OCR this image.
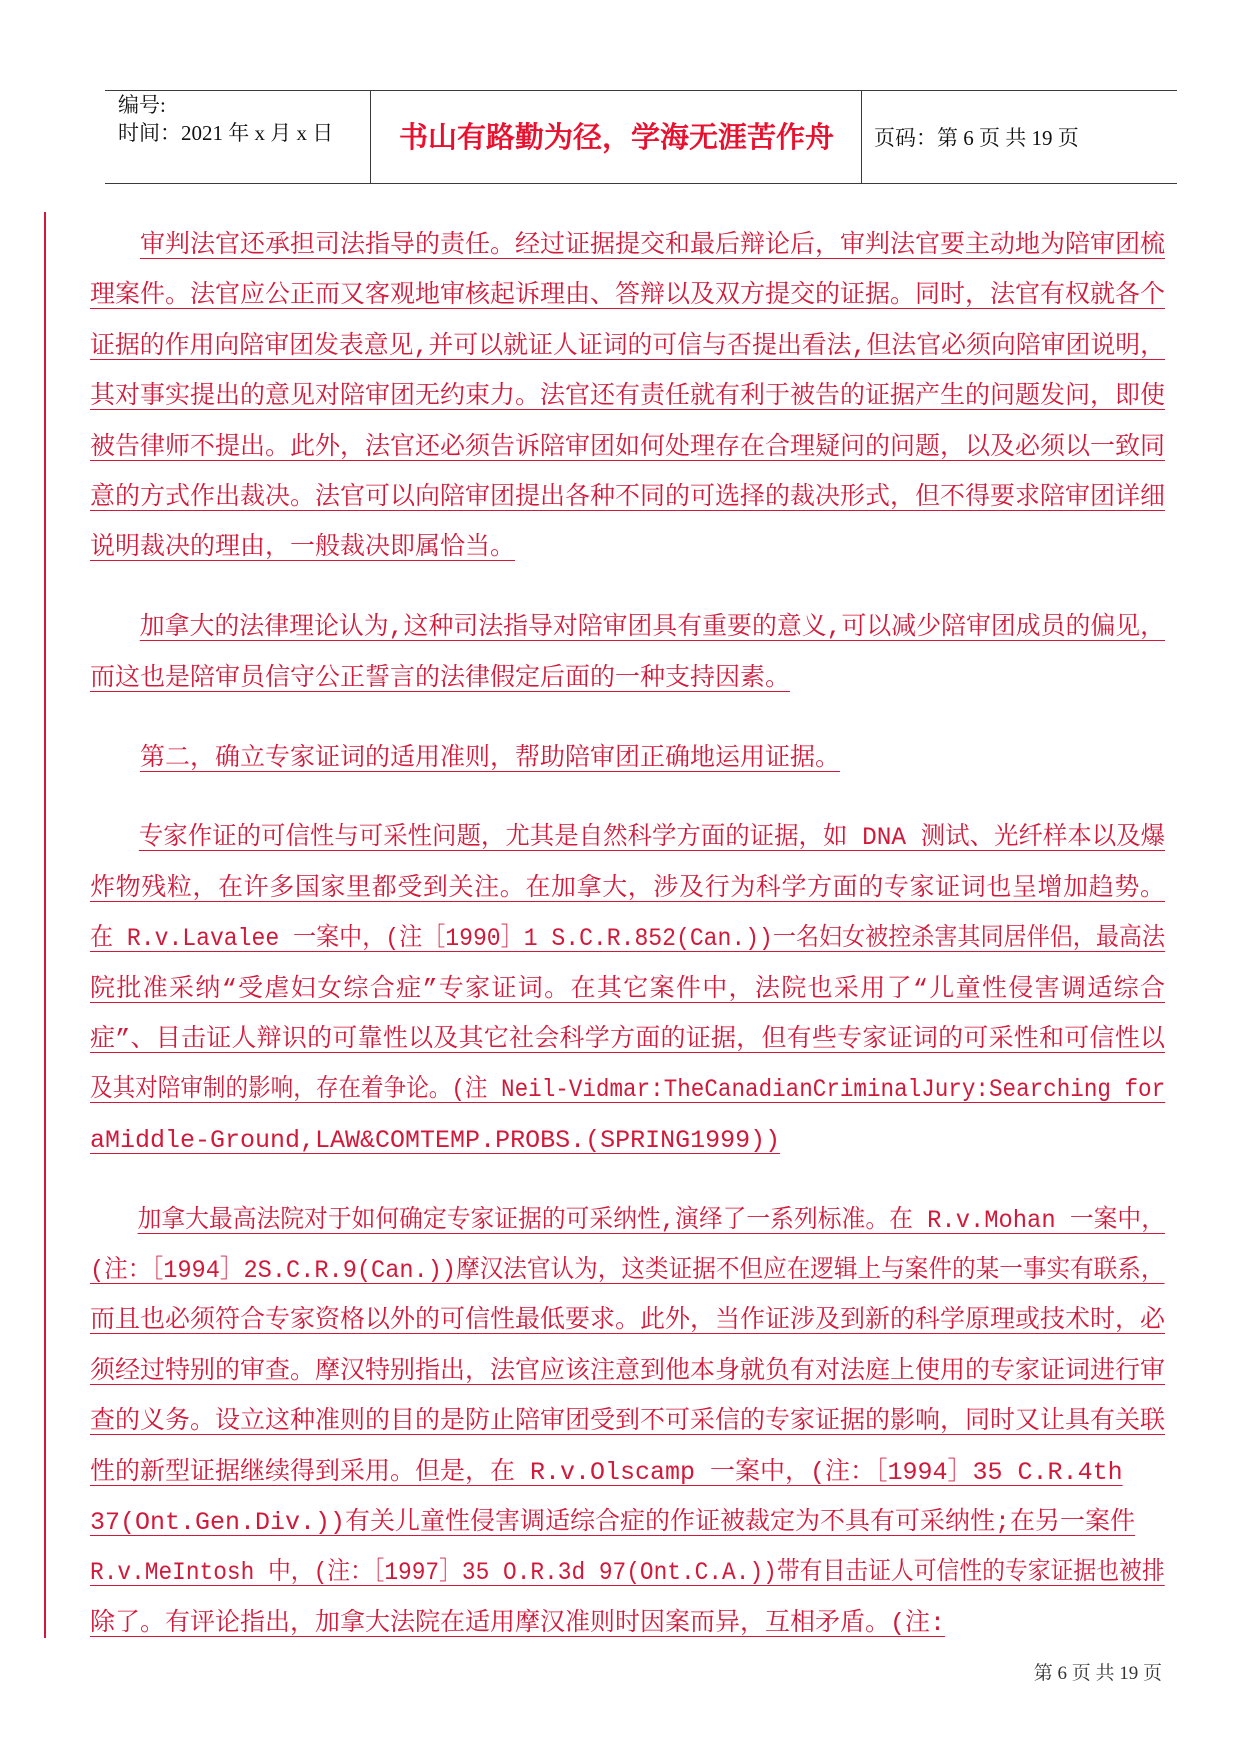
编号:
时间：2021 年 x 月 x 日	书山有路勤为径，学海无涯苦作舟	页码：第 6 页 共 19 页
审判法官还承担司法指导的责任。经过证据提交和最后辩论后，审判法官要主动地为陪审团梳
理案件。法官应公正而又客观地审核起诉理由、答辩以及双方提交的证据。同时，法官有权就各个
证据的作用向陪审团发表意见,并可以就证人证词的可信与否提出看法,但法官必须向陪审团说明，
其对事实提出的意见对陪审团无约束力。法官还有责任就有利于被告的证据产生的问题发问，即使
被告律师不提出。此外，法官还必须告诉陪审团如何处理存在合理疑问的问题，以及必须以一致同
意的方式作出裁决。法官可以向陪审团提出各种不同的可选择的裁决形式，但不得要求陪审团详细
说明裁决的理由，一般裁决即属恰当。
加拿大的法律理论认为,这种司法指导对陪审团具有重要的意义,可以减少陪审团成员的偏见，
而这也是陪审员信守公正誓言的法律假定后面的一种支持因素。
第二，确立专家证词的适用准则，帮助陪审团正确地运用证据。
专家作证的可信性与可采性问题，尤其是自然科学方面的证据，如 DNA 测试、光纤样本以及爆
炸物残粒，在许多国家里都受到关注。在加拿大，涉及行为科学方面的专家证词也呈增加趋势。
在 R.v.Lavalee 一案中，(注［1990］1 S.C.R.852(Can.))一名妇女被控杀害其同居伴侣，最高法
院批准采纳“受虐妇女综合症”专家证词。在其它案件中，法院也采用了“儿童性侵害调适综合
症”、目击证人辩识的可靠性以及其它社会科学方面的证据，但有些专家证词的可采性和可信性以
及其对陪审制的影响，存在着争论。(注 Neil-Vidmar:TheCanadianCriminalJury:Searching for
aMiddle-Ground,LAW&COMTEMP.PROBS.(SPRING1999))
加拿大最高法院对于如何确定专家证据的可采纳性,演绎了一系列标准。在 R.v.Mohan 一案中，
(注：［1994］2S.C.R.9(Can.))摩汉法官认为，这类证据不但应在逻辑上与案件的某一事实有联系，
而且也必须符合专家资格以外的可信性最低要求。此外，当作证涉及到新的科学原理或技术时，必
须经过特别的审查。摩汉特别指出，法官应该注意到他本身就负有对法庭上使用的专家证词进行审
查的义务。设立这种准则的目的是防止陪审团受到不可采信的专家证据的影响，同时又让具有关联
性的新型证据继续得到采用。但是，在 R.v.Olscamp 一案中，(注：［1994］35 C.R.4th
37(Ont.Gen.Div.))有关儿童性侵害调适综合症的作证被裁定为不具有可采纳性;在另一案件
R.v.MeIntosh 中，(注：［1997］35 O.R.3d 97(Ont.C.A.))带有目击证人可信性的专家证据也被排
除了。有评论指出，加拿大法院在适用摩汉准则时因案而异，互相矛盾。(注:
第 6 页 共 19 页
